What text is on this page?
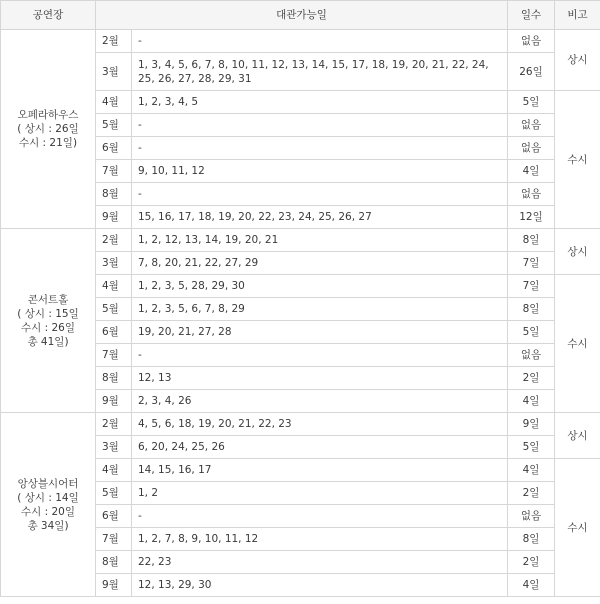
공연장	대관가능일		일수	비고

오페라하우스
( 상시 : 26일
수시 : 21일)	2월	-	없음	상시
	3월	1, 3, 4, 5, 6, 7, 8, 10, 11, 12, 13, 14, 15, 17, 18, 19, 20, 21, 22, 24, 25, 26, 27, 28, 29, 31	26일	
	4월	1, 2, 3, 4, 5	5일	수시
	5월	-	없음	
	6월	-	없음	
	7월	9, 10, 11, 12	4일	
	8월	-	없음	
	9월	15, 16, 17, 18, 19, 20, 22, 23, 24, 25, 26, 27	12일	

콘서트홀
( 상시 : 15일
수시 : 26일
총 41일)	2월	1, 2, 12, 13, 14, 19, 20, 21	8일	상시
	3월	7, 8, 20, 21, 22, 27, 29	7일	
	4월	1, 2, 3, 5, 28, 29, 30	7일	수시
	5월	1, 2, 3, 5, 6, 7, 8, 29	8일	
	6월	19, 20, 21, 27, 28	5일	
	7월	-	없음	
	8월	12, 13	2일	
	9월	2, 3, 4, 26	4일	

앙상블시어터
( 상시 : 14일
수시 : 20일
총 34일)	2월	4, 5, 6, 18, 19, 20, 21, 22, 23	9일	상시
	3월	6, 20, 24, 25, 26	5일	
	4월	14, 15, 16, 17	4일	수시
	5월	1, 2	2일	
	6월	-	없음	
	7월	1, 2, 7, 8, 9, 10, 11, 12	8일	
	8월	22, 23	2일	
	9월	12, 13, 29, 30	4일	
